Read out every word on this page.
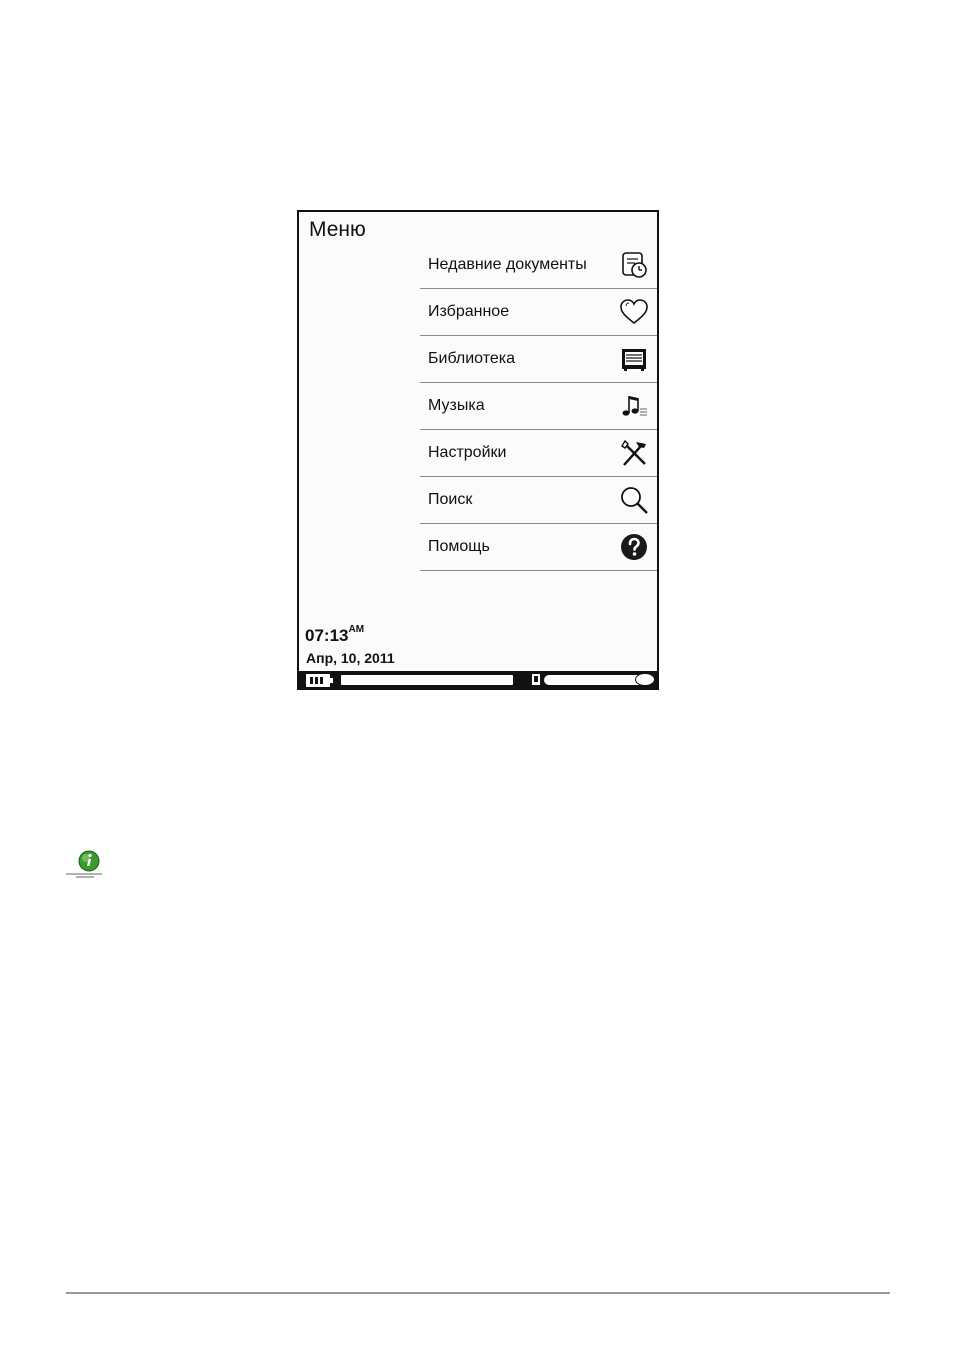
Меню
Недавние документы
Избранное
Библиотека
Музыка
Настройки
Поиск
Помощь
$07:13^{AM}$
Апр, 10, 2011
